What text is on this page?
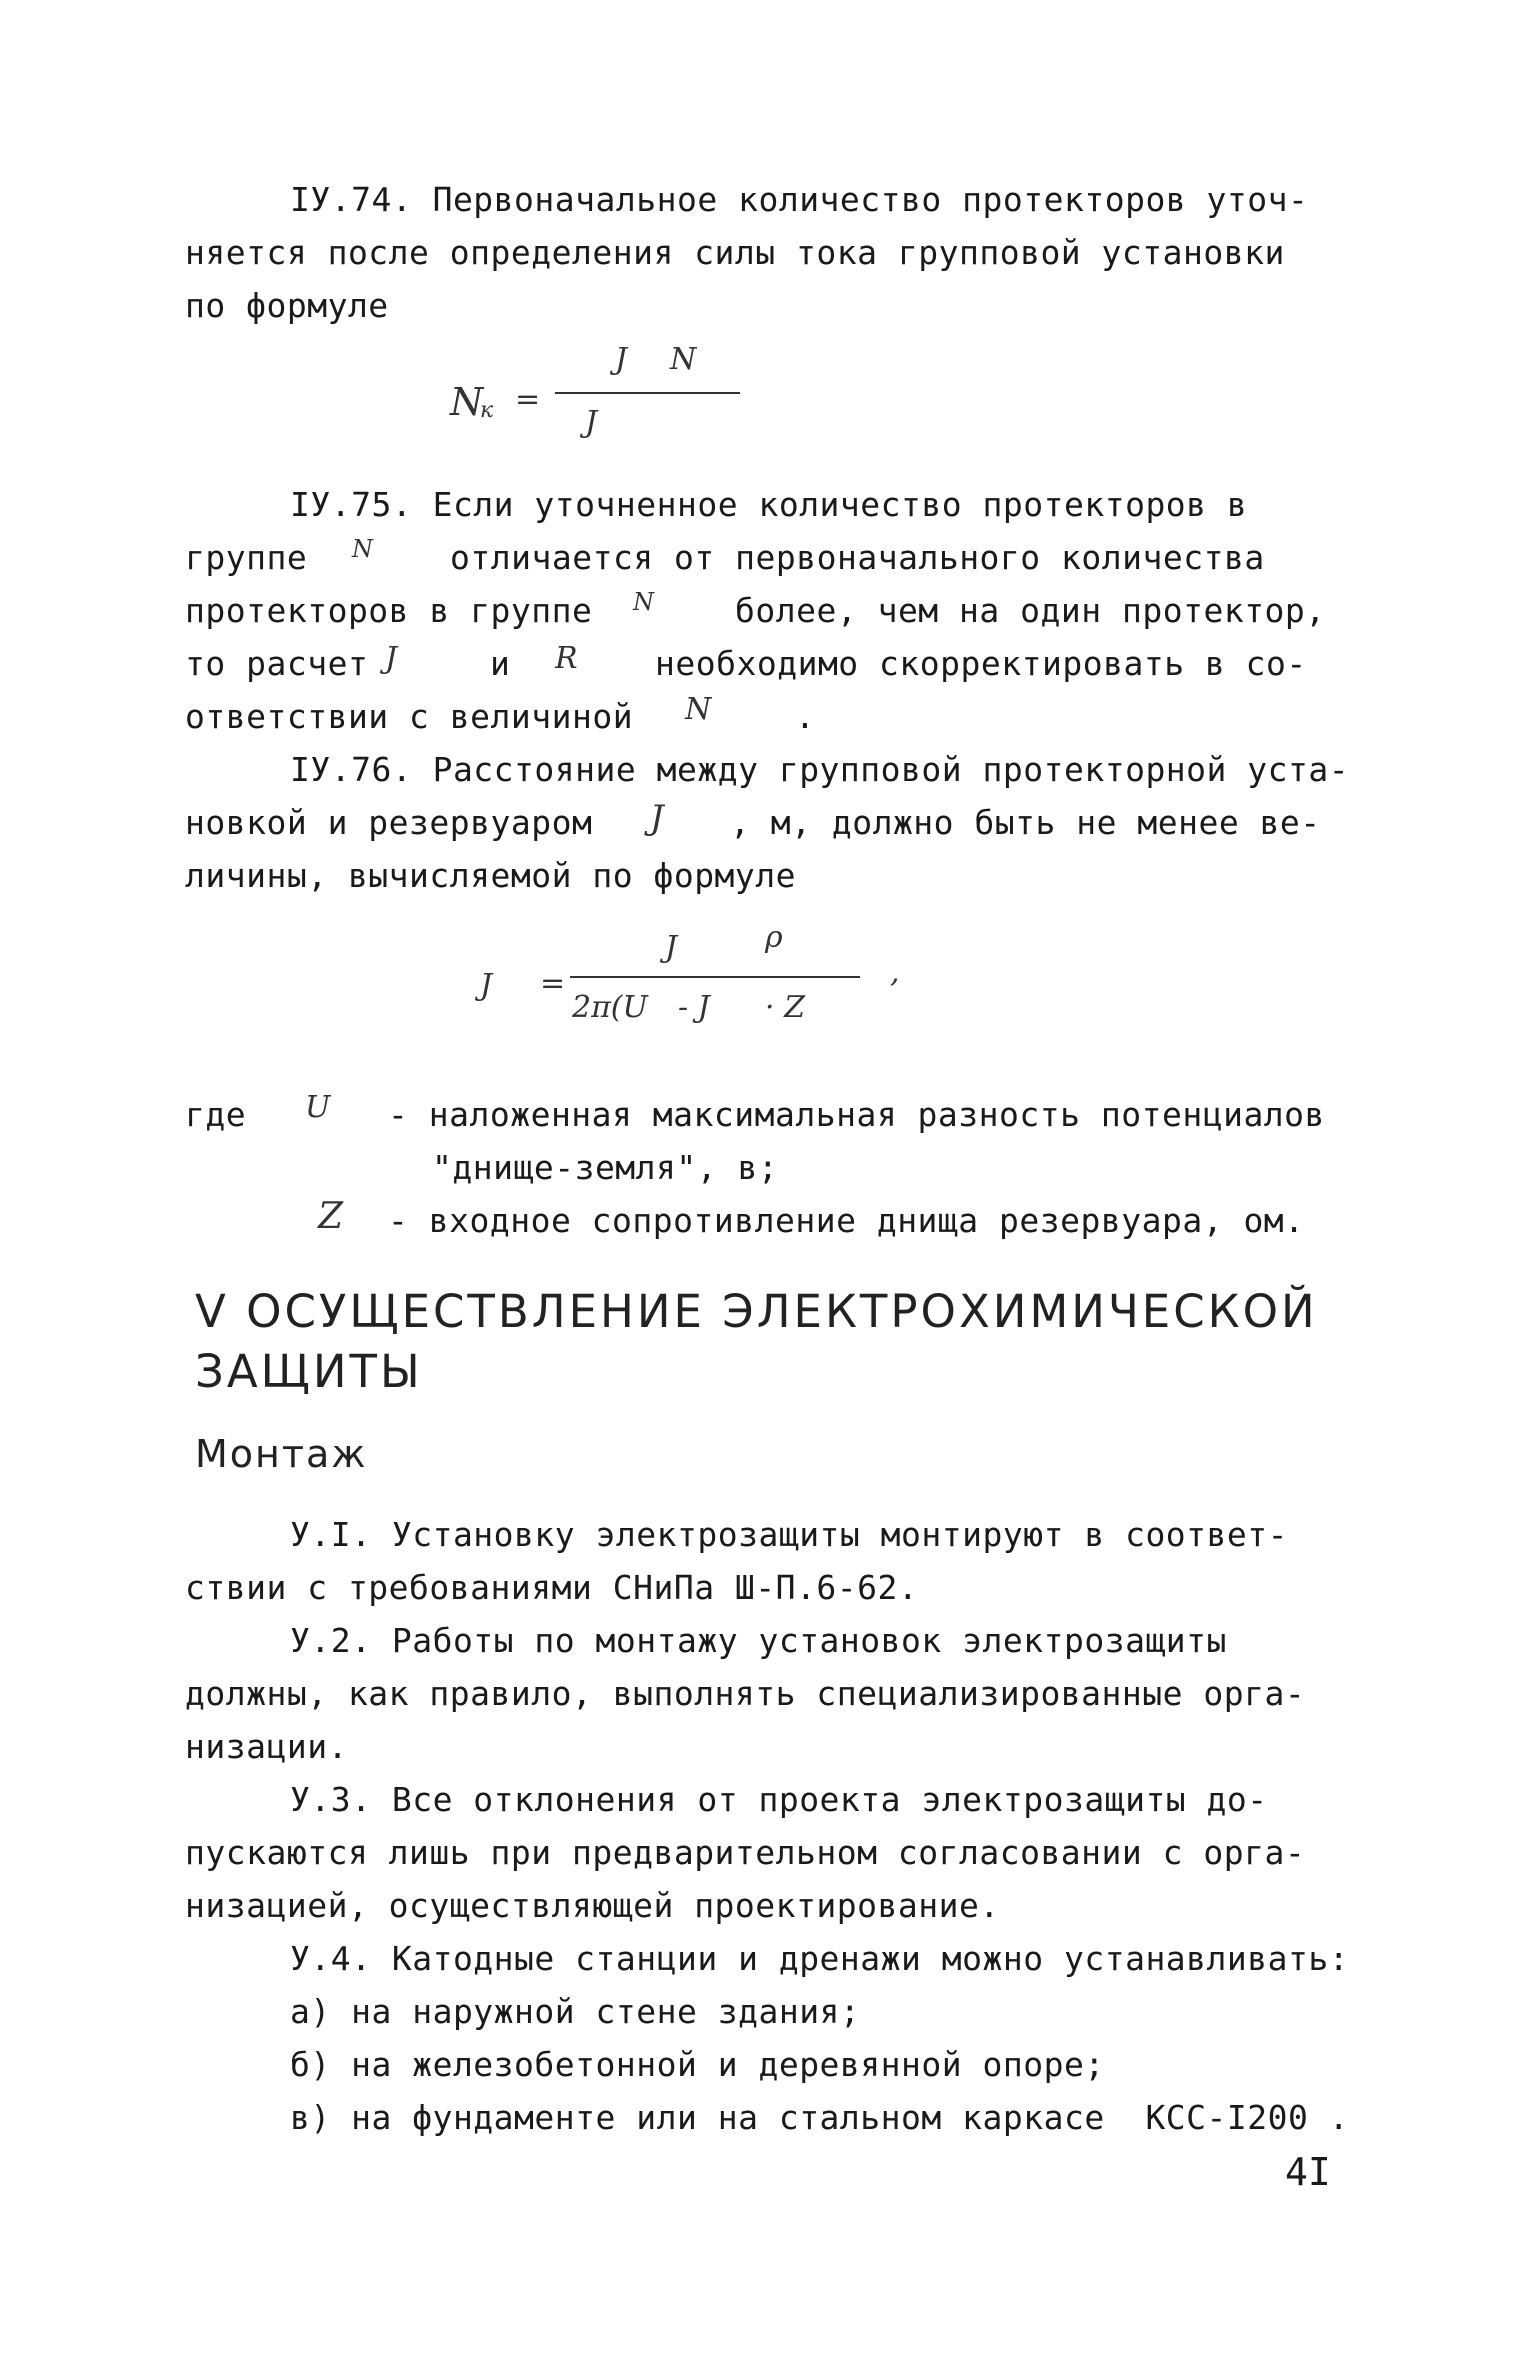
IУ.74. Первоначальное количество протекторов уточ-
няется после определения силы тока групповой установки
по формуле
N
к =
J N
J
IУ.75. Если уточненное количество протекторов в
группе N отличается от первоначального количества
протекторов в группе N более, чем на один протектор,
то расчет J	и R необходимо скорректировать в со-
ответствии с величиной N	.
IУ.76. Расстояние между групповой протекторной уста-
новкой и резервуаром J , м, должно быть не менее ве-
личины, вычисляемой по формуле
J =
J	ρ
2π(U - J · Z
,
где U - наложенная максимальная разность потенциалов
"днище-земля", в;
Z - входное сопротивление днища резервуара, ом.
V ОСУЩЕСТВЛЕНИЕ ЭЛЕКТРОХИМИЧЕСКОЙ
ЗАЩИТЫ
Монтаж
У.I. Установку электрозащиты монтируют в соответ-
ствии с требованиями СНиПа Ш-П.6-62.
У.2. Работы по монтажу установок электрозащиты
должны, как правило, выполнять специализированные орга-
низации.
У.3. Все отклонения от проекта электрозащиты до-
пускаются лишь при предварительном согласовании с орга-
низацией, осуществляющей проектирование.
У.4. Катодные станции и дренажи можно устанавливать:
а) на наружной стене здания;
б) на железобетонной и деревянной опоре;
в) на фундаменте или на стальном каркасе  КСС-I200 .
4I
